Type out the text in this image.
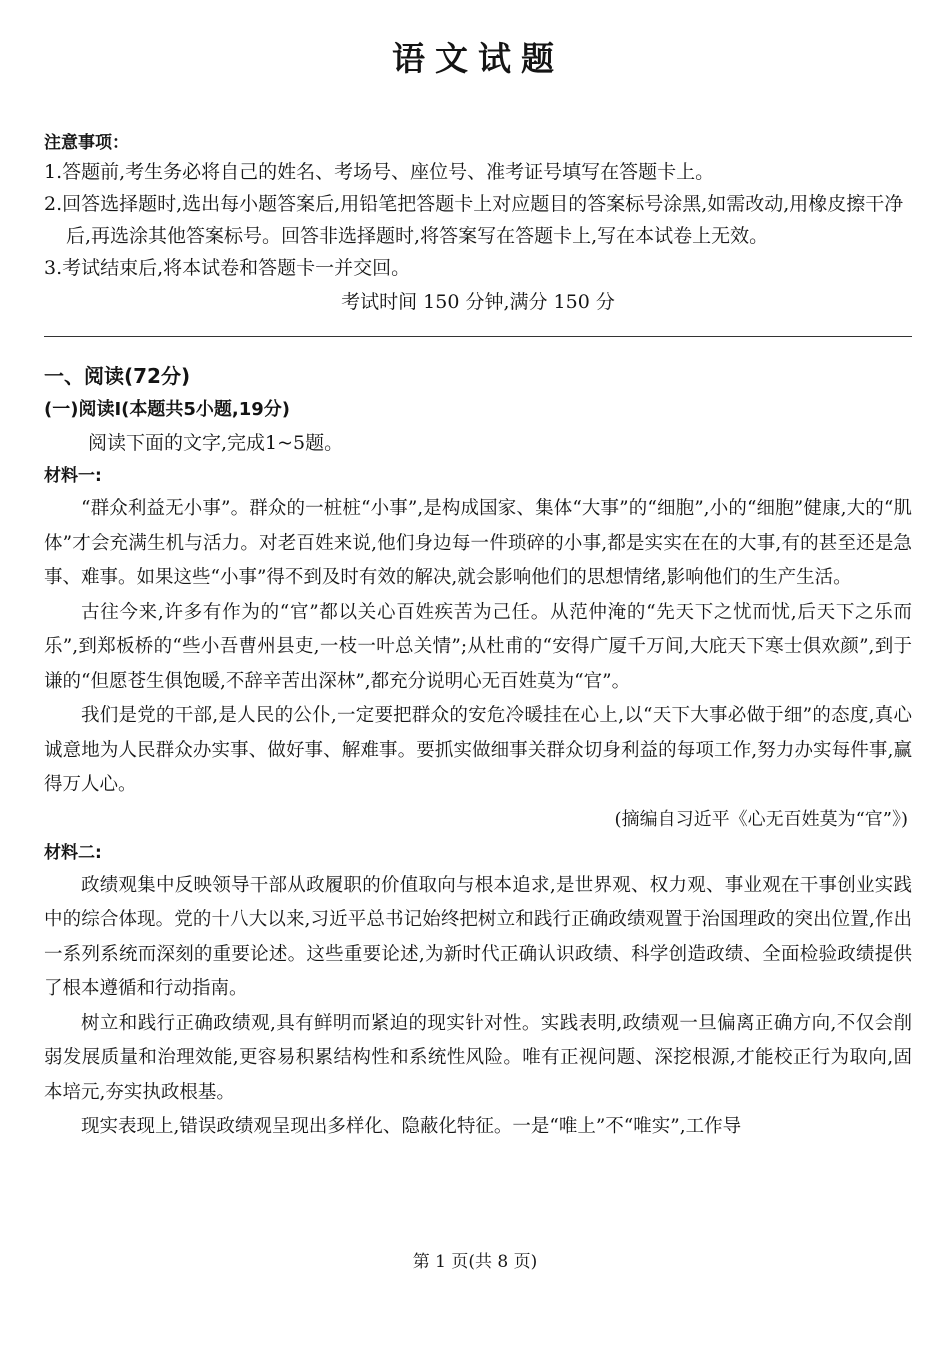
语文试题
注意事项：
1.答题前,考生务必将自己的姓名、考场号、座位号、准考证号填写在答题卡上。
2.回答选择题时,选出每小题答案后,用铅笔把答题卡上对应题目的答案标号涂黑,如需改动,用橡皮擦干净后,再选涂其他答案标号。回答非选择题时,将答案写在答题卡上,写在本试卷上无效。
3.考试结束后,将本试卷和答题卡一并交回。
考试时间 150 分钟,满分 150 分
一、阅读(72分)
(一)阅读Ⅰ(本题共5小题,19分)
阅读下面的文字,完成1~5题。
材料一:

“群众利益无小事”。群众的一桩桩“小事”,是构成国家、集体“大事”的“细胞”,小的“细胞”健康,大的“肌体”才会充满生机与活力。对老百姓来说,他们身边每一件琐碎的小事,都是实实在在的大事,有的甚至还是急事、难事。如果这些“小事”得不到及时有效的解决,就会影响他们的思想情绪,影响他们的生产生活。

古往今来,许多有作为的“官”都以关心百姓疾苦为己任。从范仲淹的“先天下之忧而忧,后天下之乐而乐”,到郑板桥的“些小吾曹州县吏,一枝一叶总关情”;从杜甫的“安得广厦千万间,大庇天下寒士俱欢颜”,到于谦的“但愿苍生俱饱暖,不辞辛苦出深林”,都充分说明心无百姓莫为“官”。

我们是党的干部,是人民的公仆,一定要把群众的安危冷暖挂在心上,以“天下大事必做于细”的态度,真心诚意地为人民群众办实事、做好事、解难事。要抓实做细事关群众切身利益的每项工作,努力办实每件事,赢得万人心。

(摘编自习近平《心无百姓莫为“官”》)
材料二:

政绩观集中反映领导干部从政履职的价值取向与根本追求,是世界观、权力观、事业观在干事创业实践中的综合体现。党的十八大以来,习近平总书记始终把树立和践行正确政绩观置于治国理政的突出位置,作出一系列系统而深刻的重要论述。这些重要论述,为新时代正确认识政绩、科学创造政绩、全面检验政绩提供了根本遵循和行动指南。

树立和践行正确政绩观,具有鲜明而紧迫的现实针对性。实践表明,政绩观一旦偏离正确方向,不仅会削弱发展质量和治理效能,更容易积累结构性和系统性风险。唯有正视问题、深挖根源,才能校正行为取向,固本培元,夯实执政根基。

现实表现上,错误政绩观呈现出多样化、隐蔽化特征。一是“唯上”不“唯实”,工作导

第 1 页(共 8 页)
